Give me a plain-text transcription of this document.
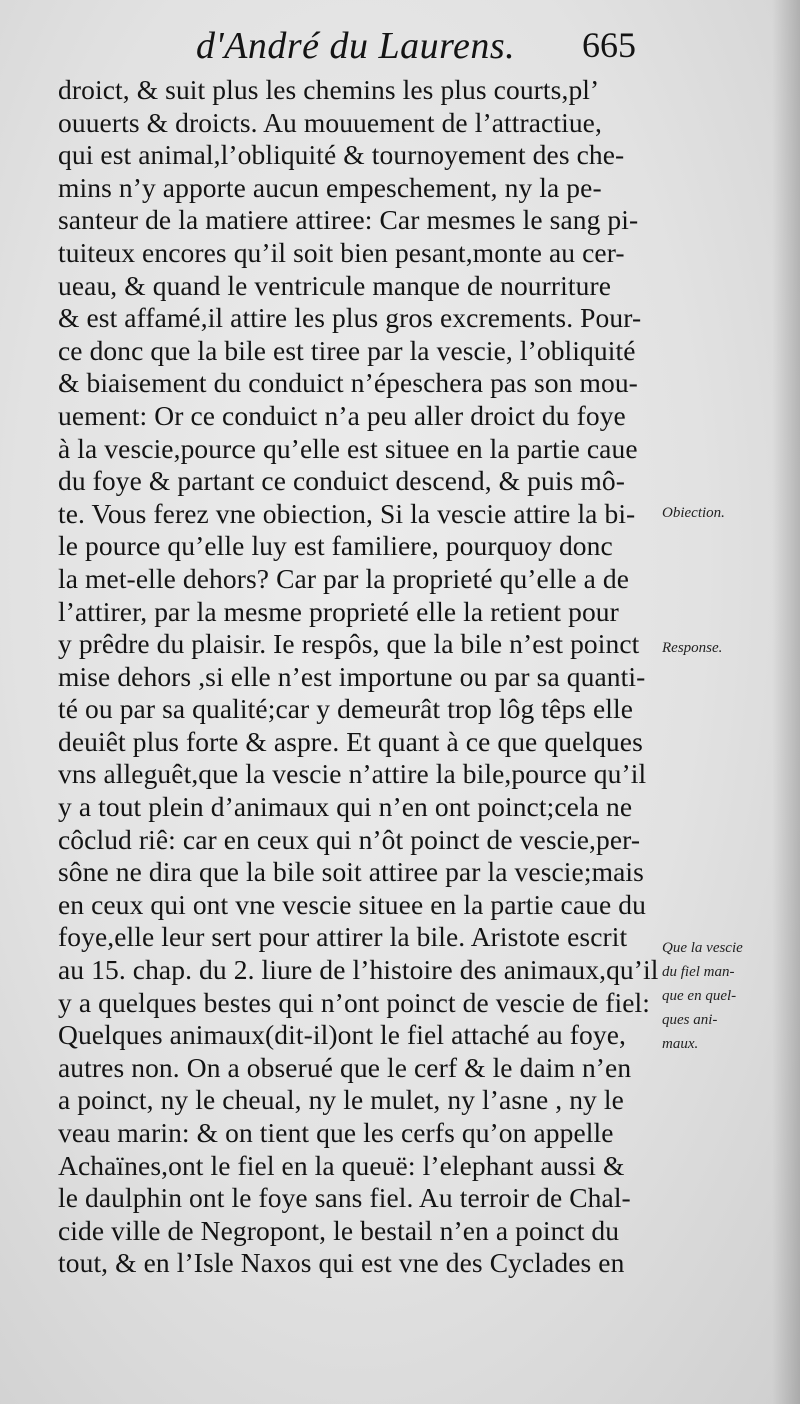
d'André du Laurens. 665
droict, & suit plus les chemins les plus courts,pl’
ouuerts & droicts. Au mouuement de l’attractiue,
qui est animal,l’obliquité & tournoyement des che-
mins n’y apporte aucun empeschement, ny la pe-
santeur de la matiere attiree: Car mesmes le sang pi-
tuiteux encores qu’il soit bien pesant,monte au cer-
ueau, & quand le ventricule manque de nourriture
& est affamé,il attire les plus gros excrements. Pour-
ce donc que la bile est tiree par la vescie, l’obliquité
& biaisement du conduict n’épeschera pas son mou-
uement: Or ce conduict n’a peu aller droict du foye
à la vescie,pource qu’elle est situee en la partie caue
du foye & partant ce conduict descend, & puis mô-
te. Vous ferez vne obiection, Si la vescie attire la bi-
le pource qu’elle luy est familiere, pourquoy donc
la met-elle dehors? Car par la proprieté qu’elle a de
l’attirer, par la mesme proprieté elle la retient pour
y prêdre du plaisir. Ie respôs, que la bile n’est poinct
mise dehors ,si elle n’est importune ou par sa quanti-
té ou par sa qualité;car y demeurât trop lôg têps elle
deuiêt plus forte & aspre. Et quant à ce que quelques
vns alleguêt,que la vescie n’attire la bile,pource qu’il
y a tout plein d’animaux qui n’en ont poinct;cela ne
côclud riê: car en ceux qui n’ôt poinct de vescie,per-
sône ne dira que la bile soit attiree par la vescie;mais
en ceux qui ont vne vescie situee en la partie caue du
foye,elle leur sert pour attirer la bile. Aristote escrit
au 15. chap. du 2. liure de l’histoire des animaux,qu’il
y a quelques bestes qui n’ont poinct de vescie de fiel:
Quelques animaux(dit-il)ont le fiel attaché au foye,
autres non. On a obserué que le cerf & le daim n’en
a poinct, ny le cheual, ny le mulet, ny l’asne , ny le
veau marin: & on tient que les cerfs qu’on appelle
Achaïnes,ont le fiel en la queuë: l’elephant aussi &
le daulphin ont le foye sans fiel. Au terroir de Chal-
cide ville de Negropont, le bestail n’en a poinct du
tout, & en l’Isle Naxos qui est vne des Cyclades en
Obiection.
Response.
Que la vescie
du fiel man-
que en quel-
ques ani-
maux.
